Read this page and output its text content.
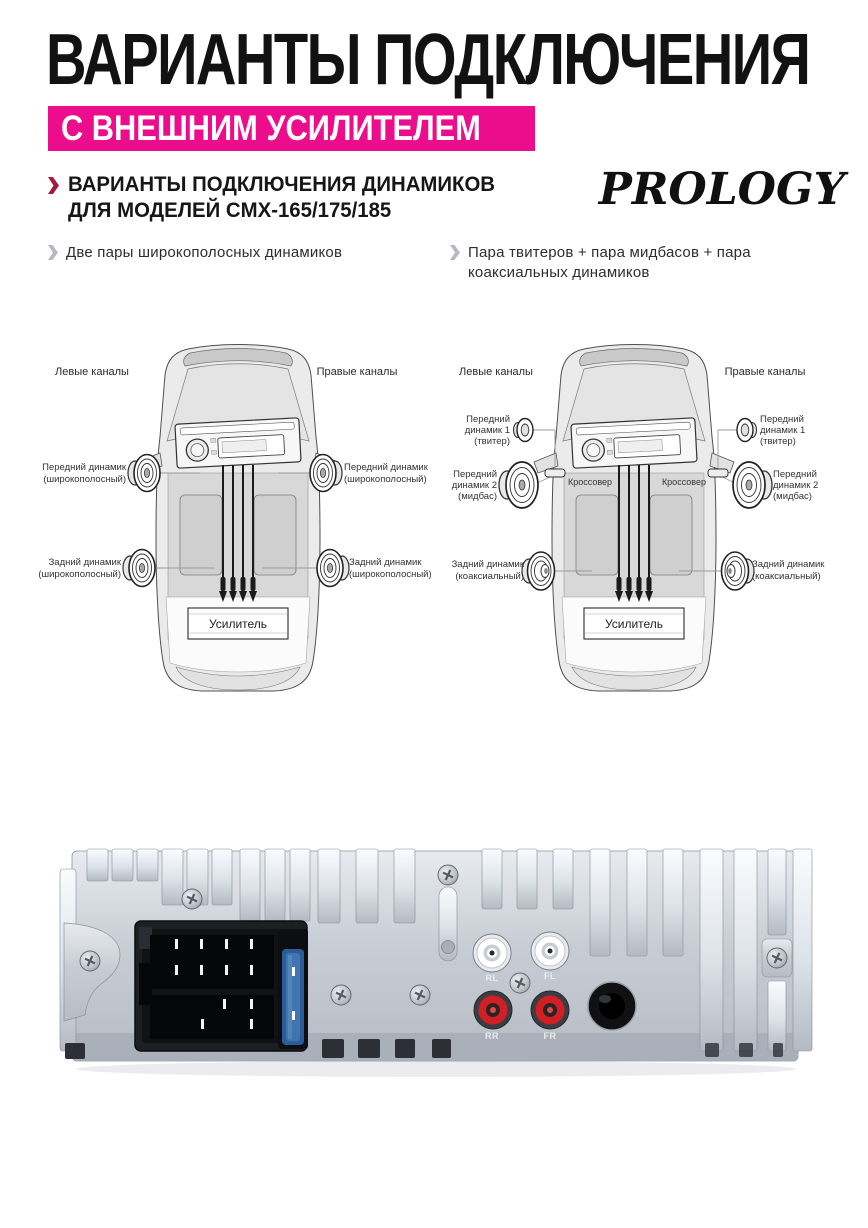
ВАРИАНТЫ ПОДКЛЮЧЕНИЯ
С ВНЕШНИМ УСИЛИТЕЛЕМ
ВАРИАНТЫ ПОДКЛЮЧЕНИЯ ДИНАМИКОВ
ДЛЯ МОДЕЛЕЙ CMX-165/175/185	PROLOGY
Две пары широкополосных динамиков	Пара твитеров + пара мидбасов + пара
коаксиальных динамиков
Усилитель
Левые каналы	Правые каналы
Передний динамик
(широкополосный)
Передний динамик
(широкополосный)
Задний динамик
(широкополосный)
Задний динамик
(широкополосный)
Усилитель
Левые каналы	Правые каналы
Передний
динамик 1
(твитер)
Передний
динамик 1
(твитер)
Передний
динамик 2
(мидбас)
Передний
динамик 2
(мидбас)
Кроссовер	Кроссовер
Задний динамик
(коаксиальный)
Задний динамик
(коаксиальный)
RL	FL
RR	FR
